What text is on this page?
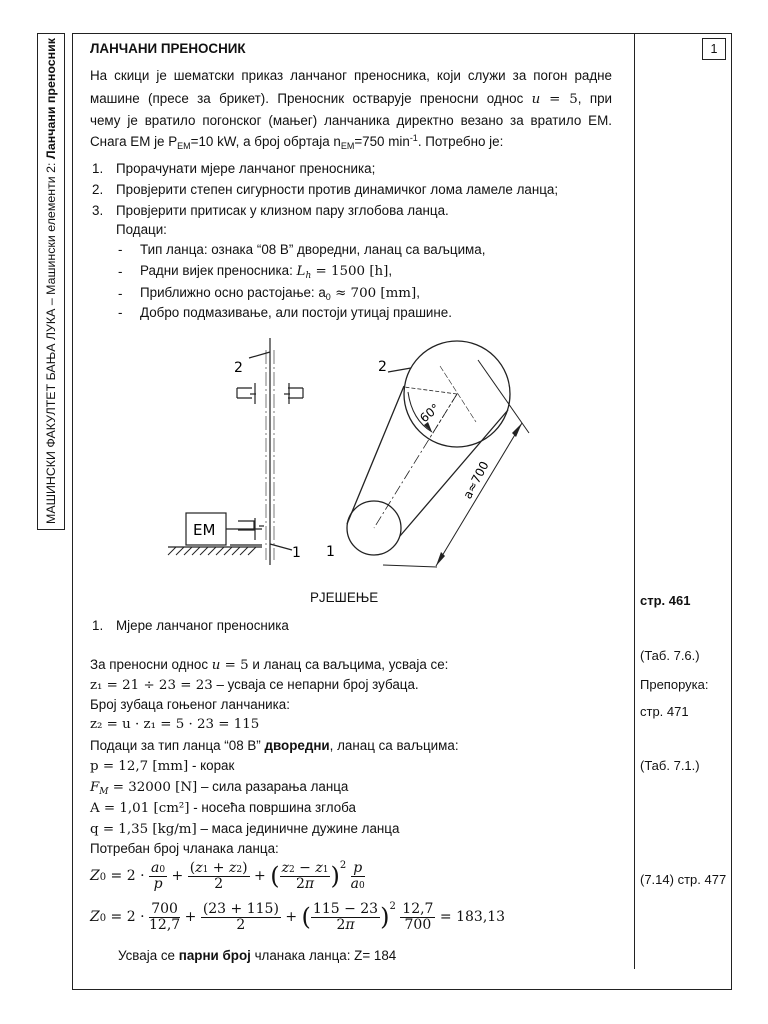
МАШИНСКИ ФАКУЛТЕТ БАЊА ЛУКА – Машински елементи 2: Ланчани преносник	1
ЛАНЧАНИ ПРЕНОСНИК
На скици је шематски приказ ланчаног преносника, који служи за погон радне
машине (пресе за брикет). Преносник остварује преносни однос u = 5, при
чему је вратило погонског (мањег) ланчаника директно везано за вратило ЕМ.
Снага ЕМ је $P_{EM}=10$ kW, а број обртаја $n_{EM}=750$ $\min^{-1}$. Потребно је:
1. Прорачунати мјере ланчаног преносника;
2. Провјерити степен сигурности против динамичког лома ламеле ланца;
3. Провјерити притисак у клизном пару зглобова ланца.
Подаци:
- Тип ланца: ознака “08 B” дворедни, ланац са ваљцима,
- Радни вијек преносника: $L_h = 1500$ [h],
- Приближно осно растојање: $a_0 \approx 700$ [mm],
- Добро подмазивање, али постоји утицај прашине.
2
1
EM
2
1
60°
a≈700
РЈЕШЕЊЕ	стр. 461
1. Мјере ланчаног преносника
(Таб. 7.6.)
За преносни однос u = 5 и ланац са ваљцима, усваја се:
Препорука:
z₁ = 21 ÷ 23 = 23 – усваја се непарни број зубаца.
Број зубаца гоњеног ланчаника:	стр. 471
z₂ = u · z₁ = 5 · 23 = 115
Подаци за тип ланца “08 B” дворедни, ланац са ваљцима:
(Таб. 7.1.)
p = 12,7 [mm] - корак
$F_M = 32000$ [N] – сила разарања ланца
A = 1,01 [cm²] - носећа површина зглоба
q = 1,35 [kg/m] – маса јединичне дужине ланца
Потребан број чланака ланца:
$Z0 = 2 \cdot \frac{a0}{p} + \frac{(z1 + z2)}{2}$ + ( $\frac{z2 - z1}{2\pi} )^2 \frac{p}{a0}$	(7.14) стр. 477
$Z0 = 2 \cdot \frac{700}{12,7} + \frac{(23 + 115)}{2}$ + ( $\frac{115 - 23}{2\pi} )^2 \frac{12,7}{700} = 183,13$
Усваја се парни број чланака ланца: Z= 184
